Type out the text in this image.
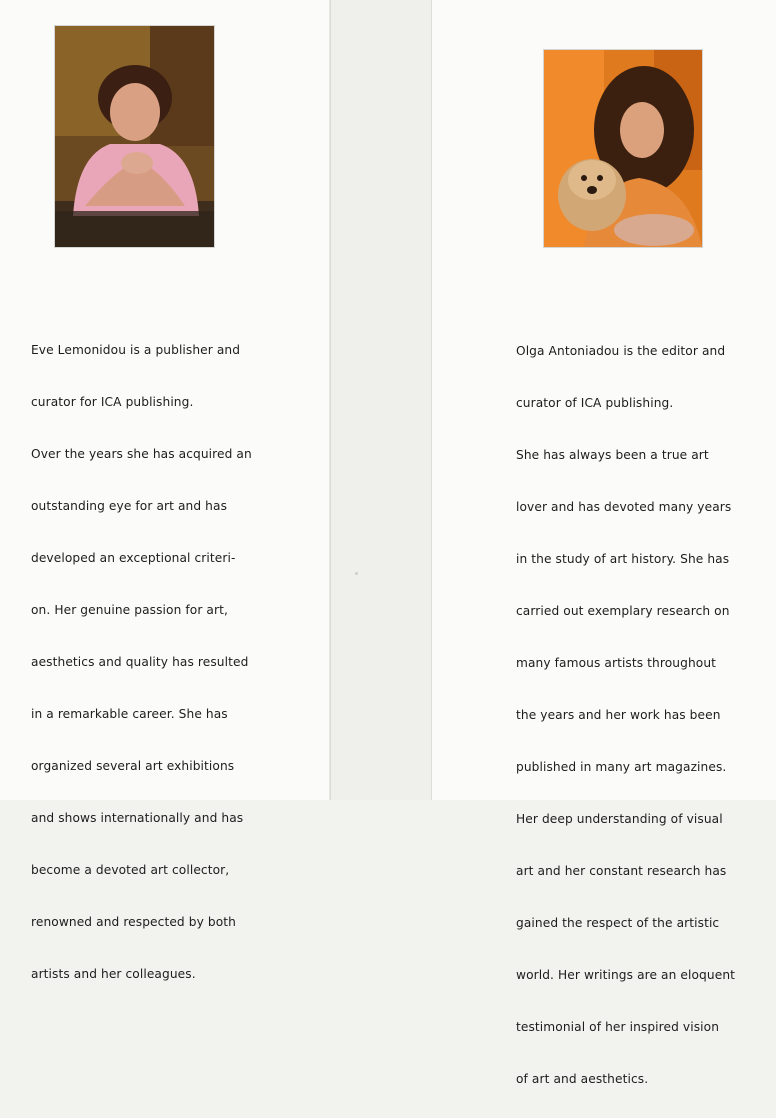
Eve Lemonidou is a publisher and

curator for ICA publishing.

Over the years she has acquired an

outstanding eye for art and has

developed an exceptional criteri-

on. Her genuine passion for art,

aesthetics and quality has resulted

in a remarkable career. She has

organized several art exhibitions

and shows internationally and has

become a devoted art collector,

renowned and respected by both

artists and her colleagues.

Olga Antoniadou is the editor and

curator of ICA publishing.

She has always been a true art

lover and has devoted many years

in the study of art history. She has

carried out exemplary research on

many famous artists throughout

the years and her work has been

published in many art magazines.

Her deep understanding of visual

art and her constant research has

gained the respect of the artistic

world. Her writings are an eloquent

testimonial of her inspired vision

of art and aesthetics.
